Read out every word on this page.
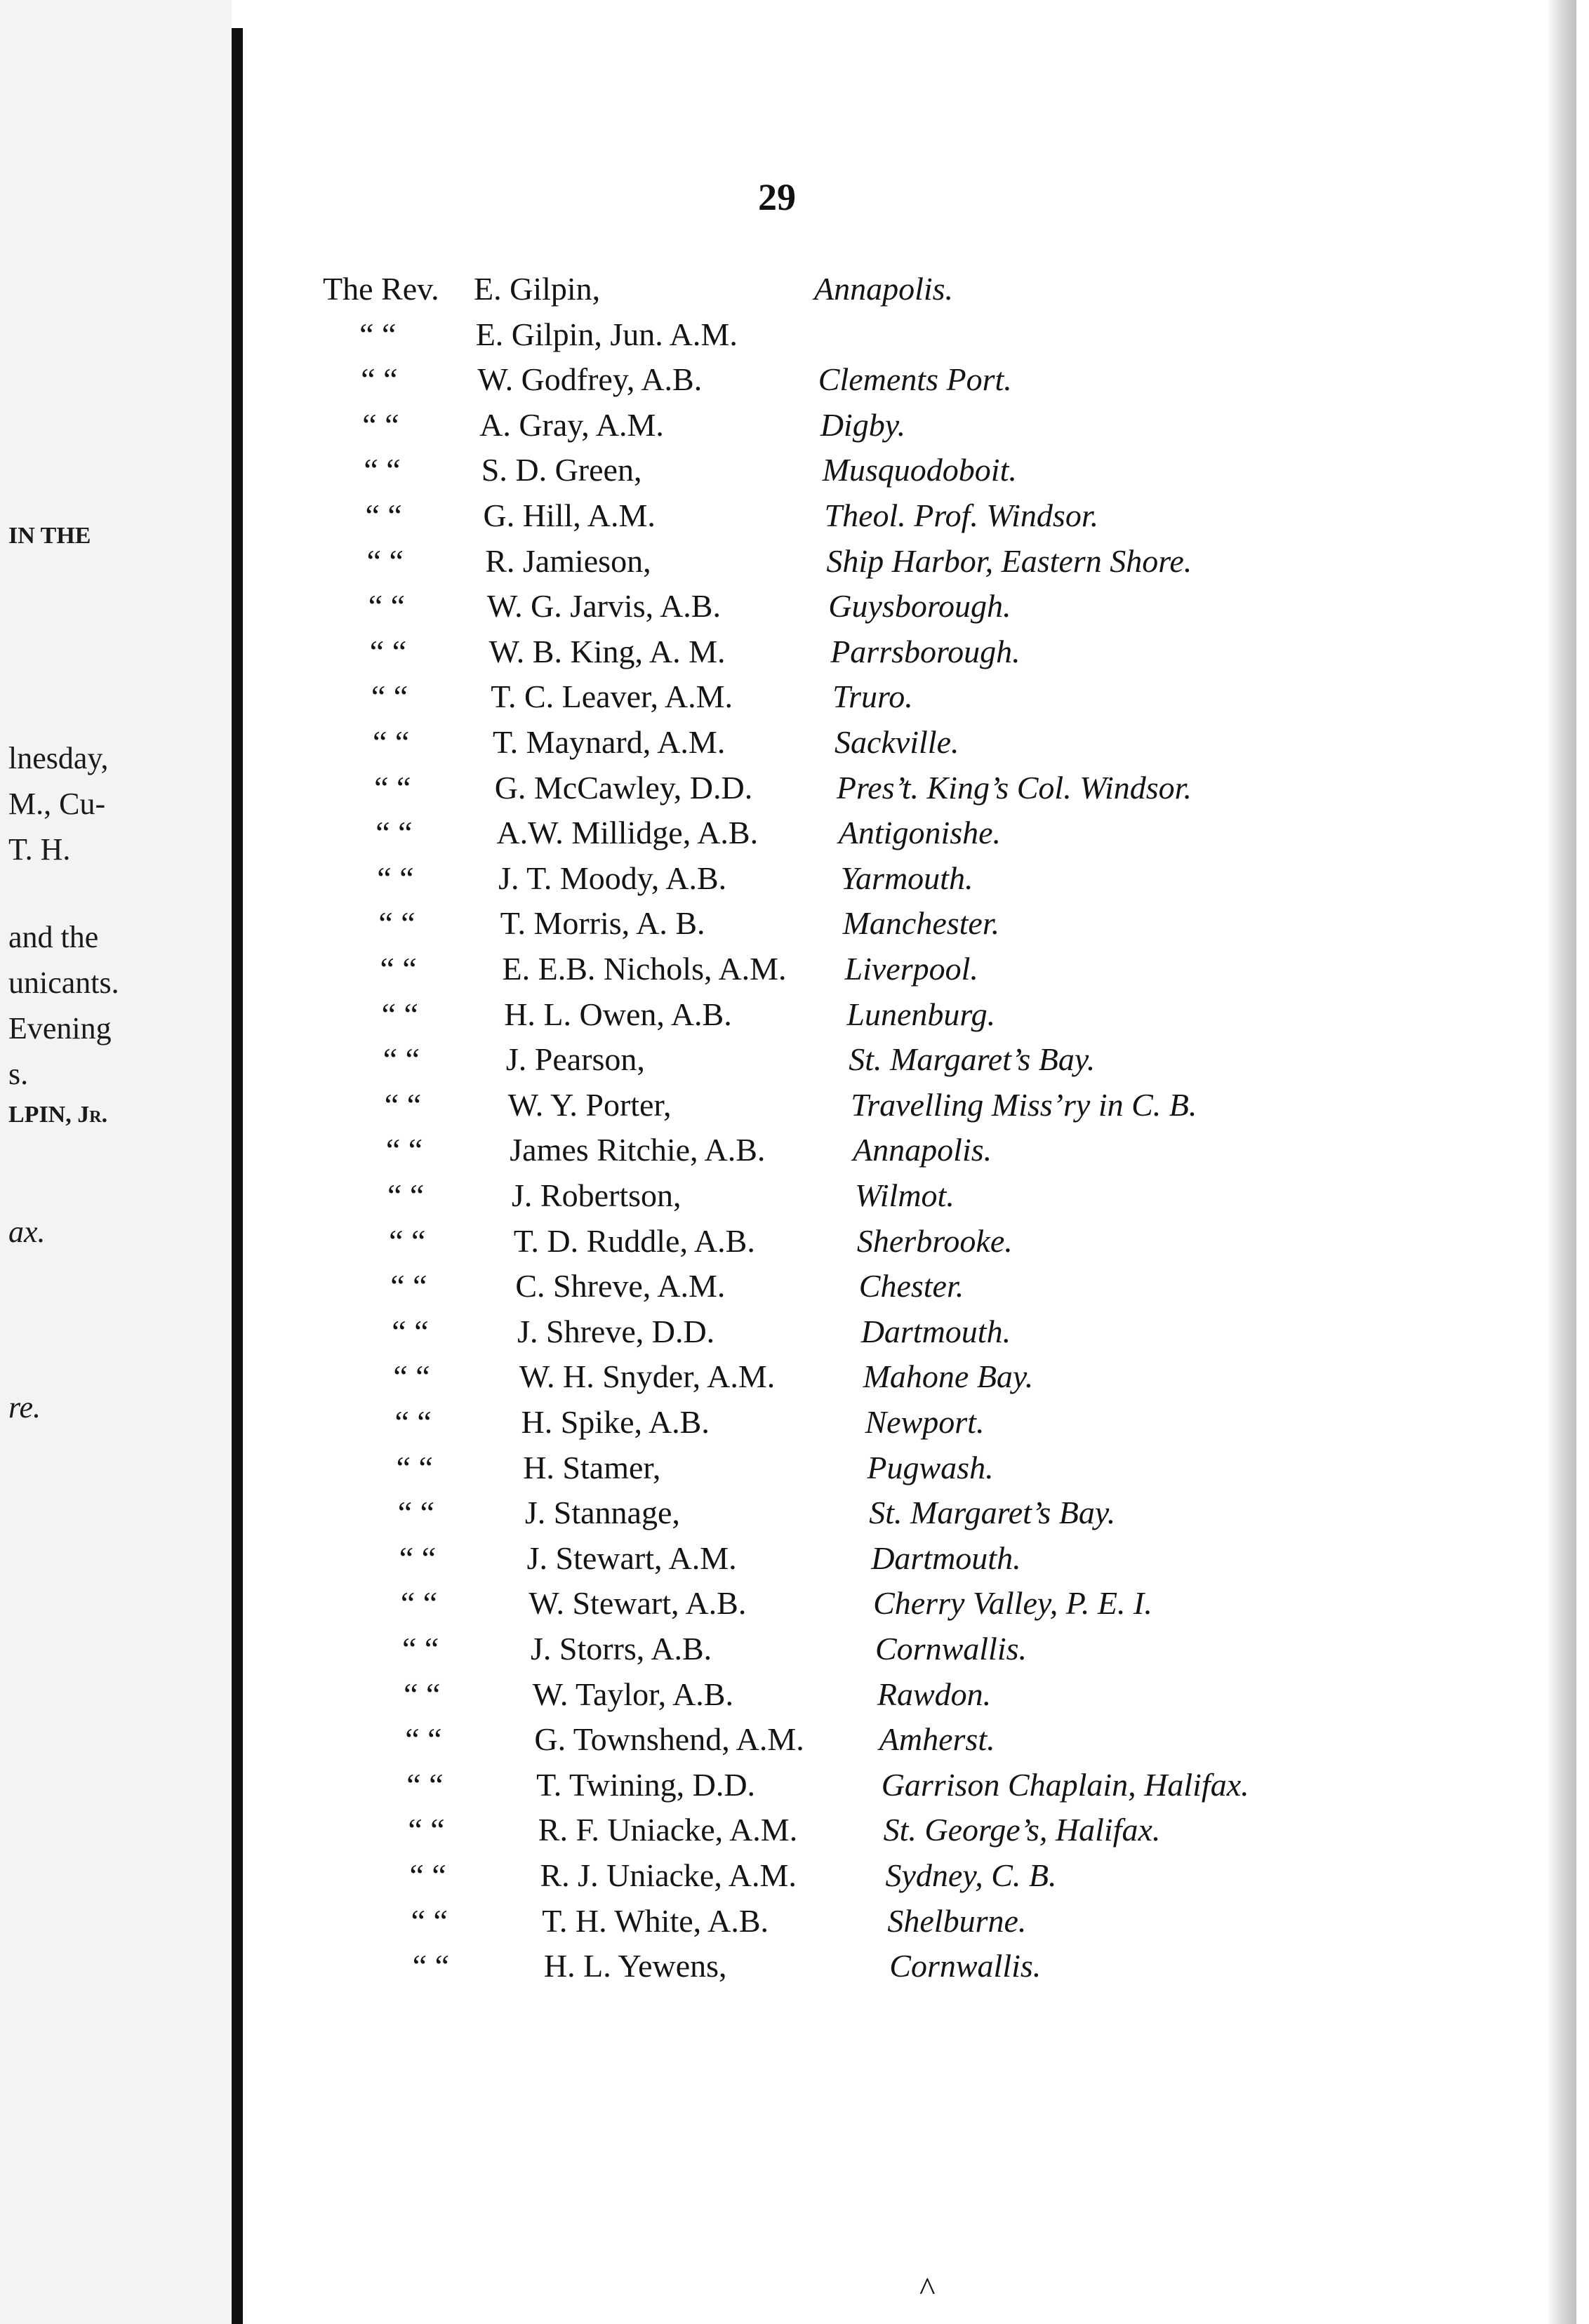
IN THE
lnesday,
M., Cu-
T. H.
and the
unicants.
Evening
s.
LPIN, Jr.
ax.
re.
29
The Rev.	E. Gilpin,	Annapolis.
“ “	E. Gilpin, Jun. A.M.
“ “	W. Godfrey, A.B.	Clements Port.
“ “	A. Gray, A.M.	Digby.
“ “	S. D. Green,	Musquodoboit.
“ “	G. Hill, A.M.	Theol. Prof. Windsor.
“ “	R. Jamieson,	Ship Harbor, Eastern Shore.
“ “	W. G. Jarvis, A.B.	Guysborough.
“ “	W. B. King, A. M.	Parrsborough.
“ “	T. C. Leaver, A.M.	Truro.
“ “	T. Maynard, A.M.	Sackville.
“ “	G. McCawley, D.D.	Pres’t. King’s Col. Windsor.
“ “	A.W. Millidge, A.B. Antigonishe.
“ “	J. T. Moody, A.B.	Yarmouth.
“ “	T. Morris, A. B.	Manchester.
“ “	E. E.B. Nichols, A.M. Liverpool.
“ “	H. L. Owen, A.B.	Lunenburg.
“ “	J. Pearson,	St. Margaret’s Bay.
“ “	W. Y. Porter,	Travelling Miss’ry in C. B.
“ “	James Ritchie, A.B.	Annapolis.
“ “	J. Robertson,	Wilmot.
“ “	T. D. Ruddle, A.B.	Sherbrooke.
“ “	C. Shreve, A.M.	Chester.
“ “	J. Shreve, D.D.	Dartmouth.
“ “	W. H. Snyder, A.M.	Mahone Bay.
“ “	H. Spike, A.B.	Newport.
“ “	H. Stamer,	Pugwash.
“ “	J. Stannage,	St. Margaret’s Bay.
“ “	J. Stewart, A.M.	Dartmouth.
“ “	W. Stewart, A.B.	Cherry Valley, P. E. I.
“ “	J. Storrs, A.B.	Cornwallis.
“ “	W. Taylor, A.B.	Rawdon.
“ “	G. Townshend, A.M. Amherst.
“ “	T. Twining, D.D.	Garrison Chaplain, Halifax.
“ “	R. F. Uniacke, A.M.	St. George’s, Halifax.
“ “	R. J. Uniacke, A.M.	Sydney, C. B.
“ “	T. H. White, A.B.	Shelburne.
“ “	H. L. Yewens,	Cornwallis.
^
